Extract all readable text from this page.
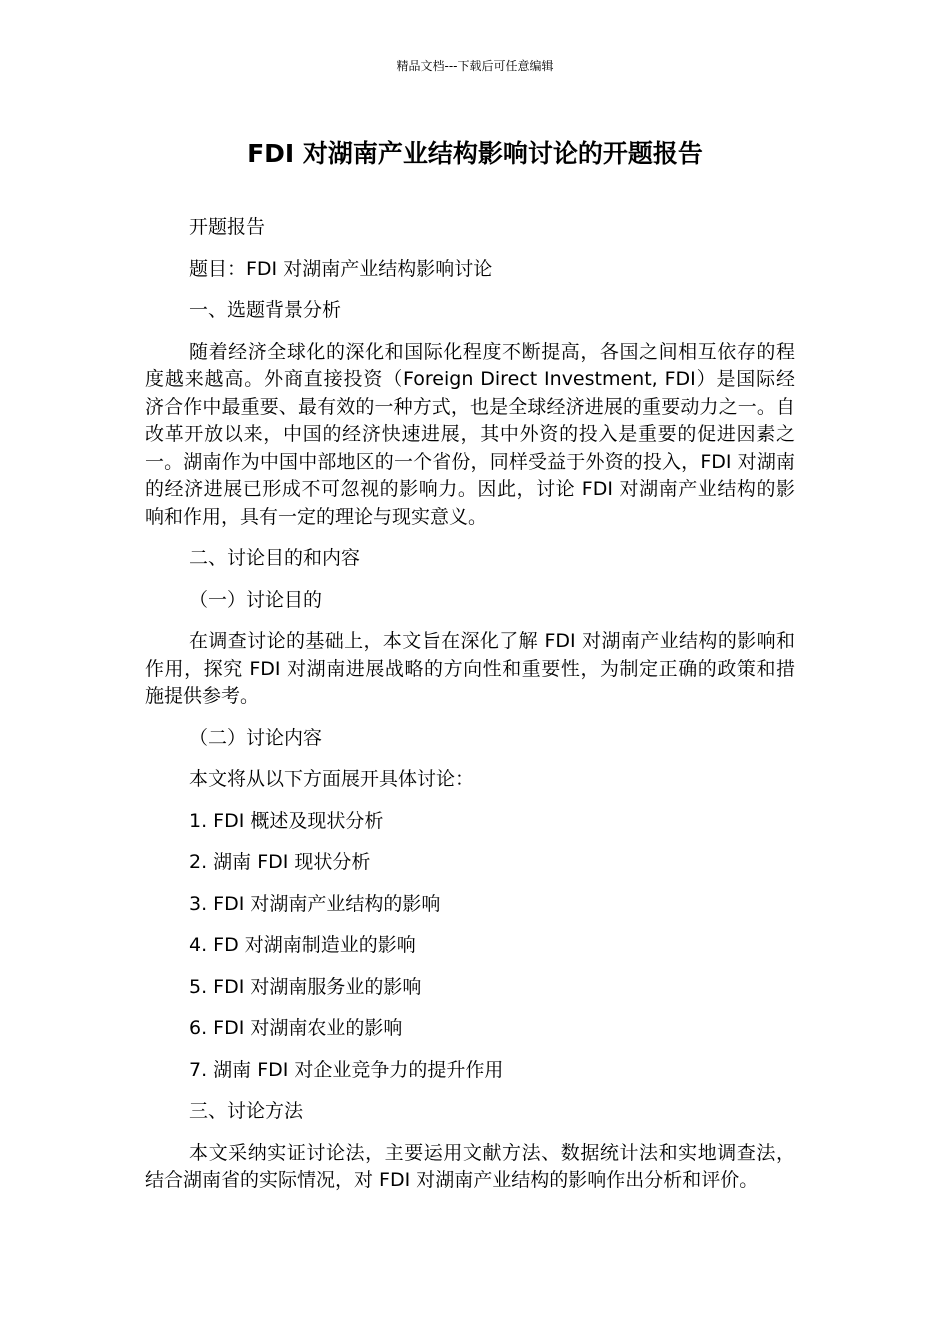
精品文档---下载后可任意编辑
FDI 对湖南产业结构影响讨论的开题报告

开题报告

题目：FDI 对湖南产业结构影响讨论

一、选题背景分析

随着经济全球化的深化和国际化程度不断提高，各国之间相互依存的程度越来越高。外商直接投资（Foreign Direct Investment, FDI）是国际经济合作中最重要、最有效的一种方式，也是全球经济进展的重要动力之一。自改革开放以来，中国的经济快速进展，其中外资的投入是重要的促进因素之一。湖南作为中国中部地区的一个省份，同样受益于外资的投入，FDI 对湖南的经济进展已形成不可忽视的影响力。因此，讨论 FDI 对湖南产业结构的影响和作用，具有一定的理论与现实意义。

二、讨论目的和内容

（一）讨论目的

在调查讨论的基础上，本文旨在深化了解 FDI 对湖南产业结构的影响和作用，探究 FDI 对湖南进展战略的方向性和重要性，为制定正确的政策和措施提供参考。

（二）讨论内容

本文将从以下方面展开具体讨论：

1. FDI 概述及现状分析

2. 湖南 FDI 现状分析

3. FDI 对湖南产业结构的影响

4. FD 对湖南制造业的影响

5. FDI 对湖南服务业的影响

6. FDI 对湖南农业的影响

7. 湖南 FDI 对企业竞争力的提升作用

三、讨论方法

本文采纳实证讨论法，主要运用文献方法、数据统计法和实地调查法，结合湖南省的实际情况，对 FDI 对湖南产业结构的影响作出分析和评价。
